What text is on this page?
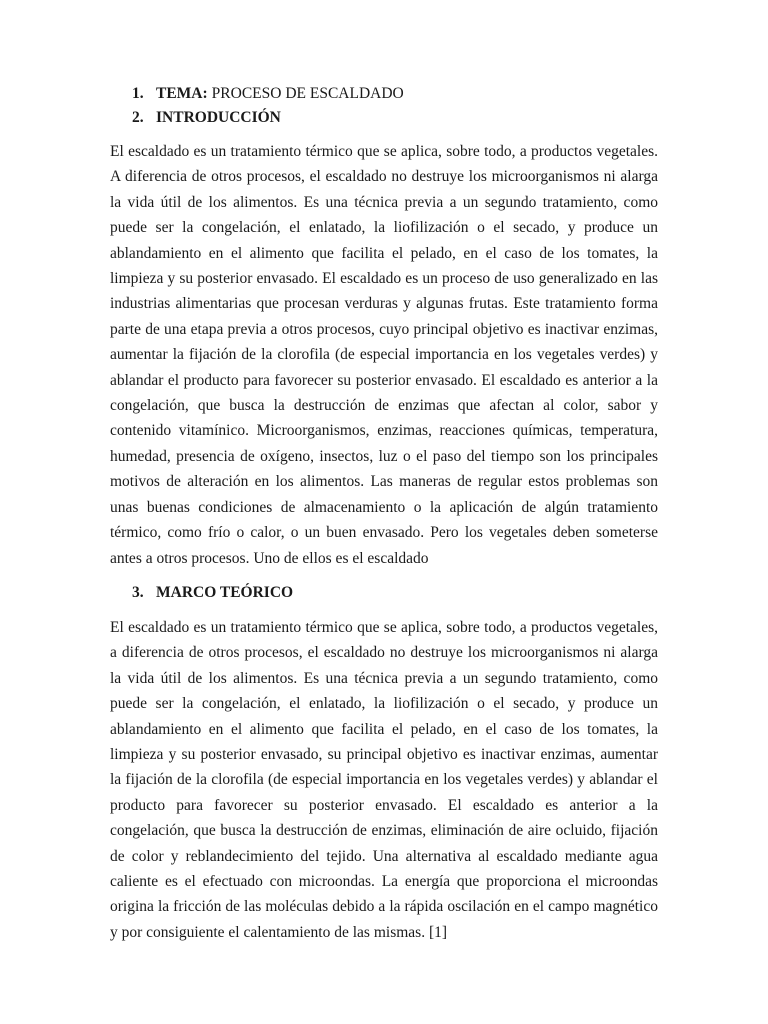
1. TEMA: PROCESO DE ESCALDADO
2. INTRODUCCIÓN

El escaldado es un tratamiento térmico que se aplica, sobre todo, a productos vegetales. A diferencia de otros procesos, el escaldado no destruye los microorganismos ni alarga la vida útil de los alimentos. Es una técnica previa a un segundo tratamiento, como puede ser la congelación, el enlatado, la liofilización o el secado, y produce un ablandamiento en el alimento que facilita el pelado, en el caso de los tomates, la limpieza y su posterior envasado. El escaldado es un proceso de uso generalizado en las industrias alimentarias que procesan verduras y algunas frutas. Este tratamiento forma parte de una etapa previa a otros procesos, cuyo principal objetivo es inactivar enzimas, aumentar la fijación de la clorofila (de especial importancia en los vegetales verdes) y ablandar el producto para favorecer su posterior envasado. El escaldado es anterior a la congelación, que busca la destrucción de enzimas que afectan al color, sabor y contenido vitamínico. Microorganismos, enzimas, reacciones químicas, temperatura, humedad, presencia de oxígeno, insectos, luz o el paso del tiempo son los principales motivos de alteración en los alimentos. Las maneras de regular estos problemas son unas buenas condiciones de almacenamiento o la aplicación de algún tratamiento térmico, como frío o calor, o un buen envasado. Pero los vegetales deben someterse antes a otros procesos. Uno de ellos es el escaldado

3. MARCO TEÓRICO

El escaldado es un tratamiento térmico que se aplica, sobre todo, a productos vegetales, a diferencia de otros procesos, el escaldado no destruye los microorganismos ni alarga la vida útil de los alimentos. Es una técnica previa a un segundo tratamiento, como puede ser la congelación, el enlatado, la liofilización o el secado, y produce un ablandamiento en el alimento que facilita el pelado, en el caso de los tomates, la limpieza y su posterior envasado, su principal objetivo es inactivar enzimas, aumentar la fijación de la clorofila (de especial importancia en los vegetales verdes) y ablandar el producto para favorecer su posterior envasado. El escaldado es anterior a la congelación, que busca la destrucción de enzimas, eliminación de aire ocluido, fijación de color y reblandecimiento del tejido. Una alternativa al escaldado mediante agua caliente es el efectuado con microondas. La energía que proporciona el microondas origina la fricción de las moléculas debido a la rápida oscilación en el campo magnético y por consiguiente el calentamiento de las mismas. [1]
